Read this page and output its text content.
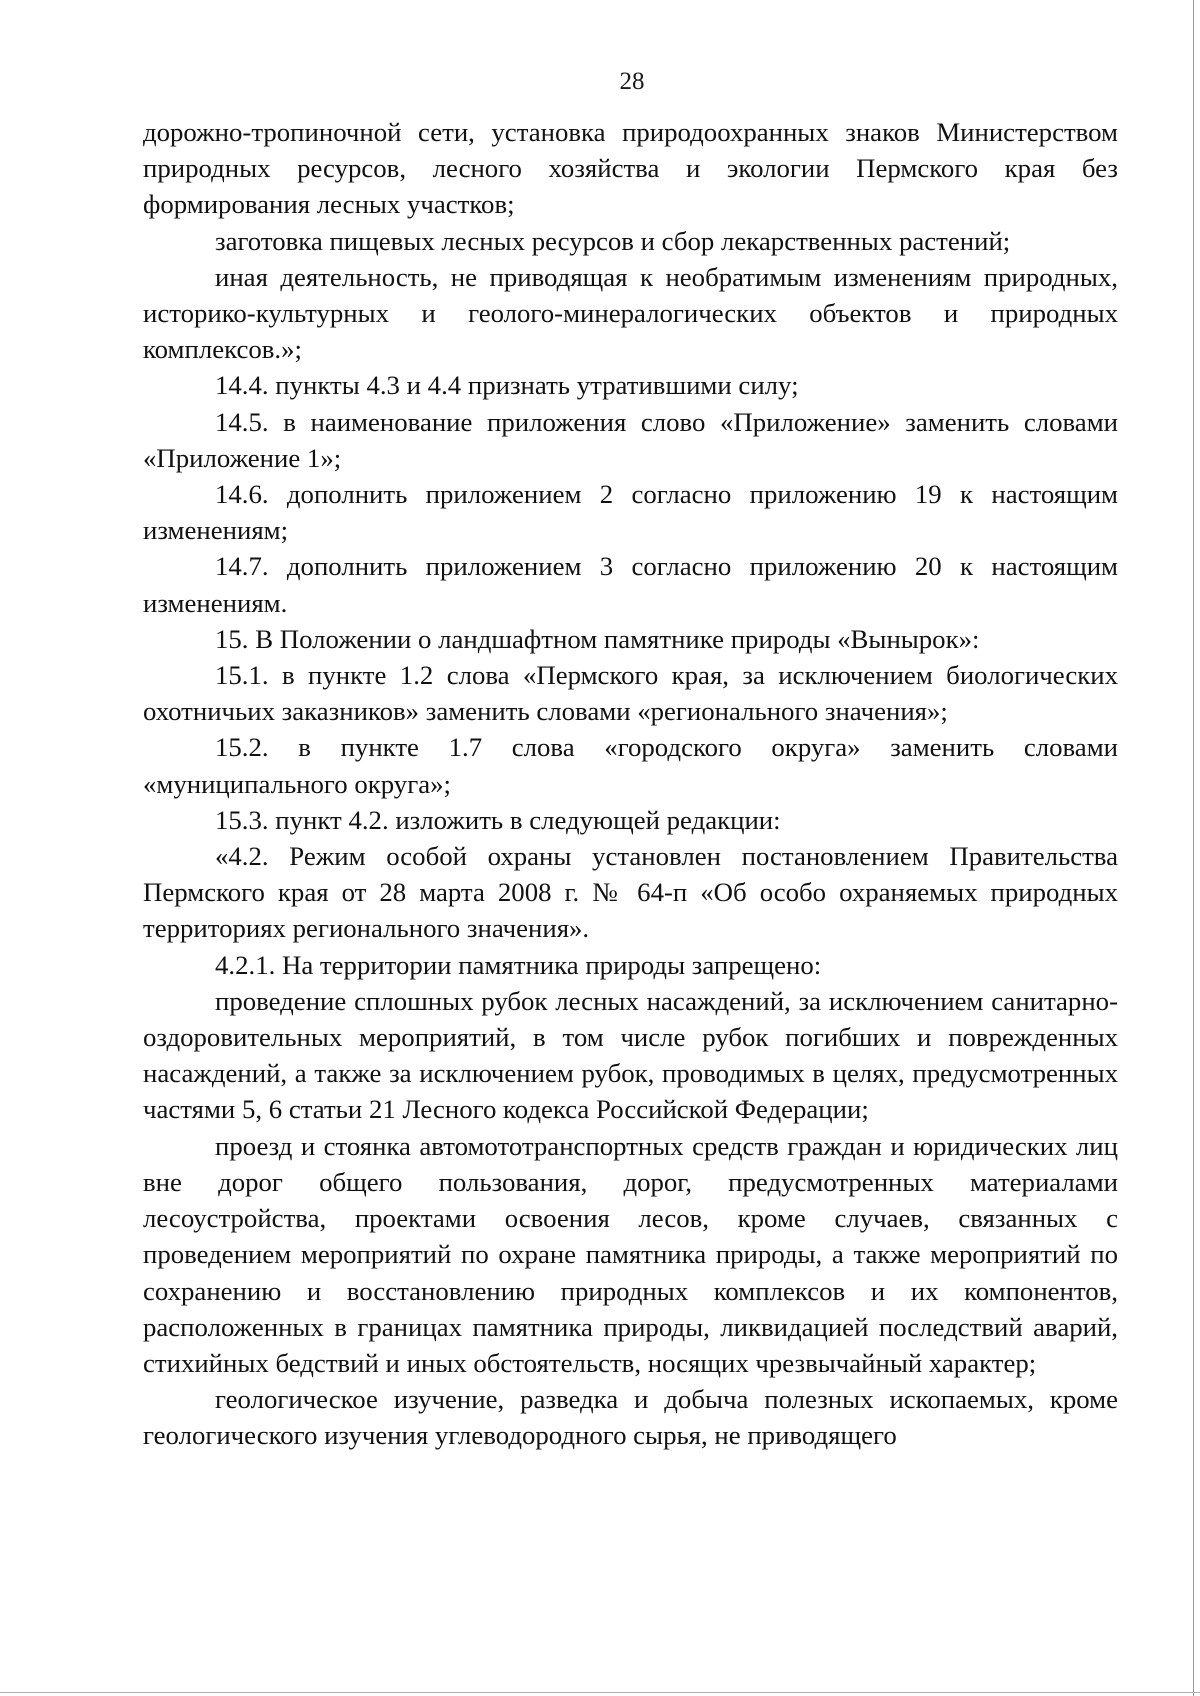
28

дорожно-тропиночной сети, установка природоохранных знаков Министерством природных ресурсов, лесного хозяйства и экологии Пермского края без формирования лесных участков;

заготовка пищевых лесных ресурсов и сбор лекарственных растений;

иная деятельность, не приводящая к необратимым изменениям природных, историко-культурных и геолого-минералогических объектов и природных комплексов.»;

14.4. пункты 4.3 и 4.4 признать утратившими силу;

14.5. в наименование приложения слово «Приложение» заменить словами «Приложение 1»;

14.6. дополнить приложением 2 согласно приложению 19 к настоящим изменениям;

14.7. дополнить приложением 3 согласно приложению 20 к настоящим изменениям.

15. В Положении о ландшафтном памятнике природы «Вынырок»:

15.1. в пункте 1.2 слова «Пермского края, за исключением биологических охотничьих заказников» заменить словами «регионального значения»;

15.2. в пункте 1.7 слова «городского округа» заменить словами «муниципального округа»;

15.3. пункт 4.2. изложить в следующей редакции:

«4.2. Режим особой охраны установлен постановлением Правительства Пермского края от 28 марта 2008 г. № 64-п «Об особо охраняемых природных территориях регионального значения».

4.2.1. На территории памятника природы запрещено:

проведение сплошных рубок лесных насаждений, за исключением санитарно-оздоровительных мероприятий, в том числе рубок погибших и поврежденных насаждений, а также за исключением рубок, проводимых в целях, предусмотренных частями 5, 6 статьи 21 Лесного кодекса Российской Федерации;

проезд и стоянка автомототранспортных средств граждан и юридических лиц вне дорог общего пользования, дорог, предусмотренных материалами лесоустройства, проектами освоения лесов, кроме случаев, связанных с проведением мероприятий по охране памятника природы, а также мероприятий по сохранению и восстановлению природных комплексов и их компонентов, расположенных в границах памятника природы, ликвидацией последствий аварий, стихийных бедствий и иных обстоятельств, носящих чрезвычайный характер;

геологическое изучение, разведка и добыча полезных ископаемых, кроме геологического изучения углеводородного сырья, не приводящего
